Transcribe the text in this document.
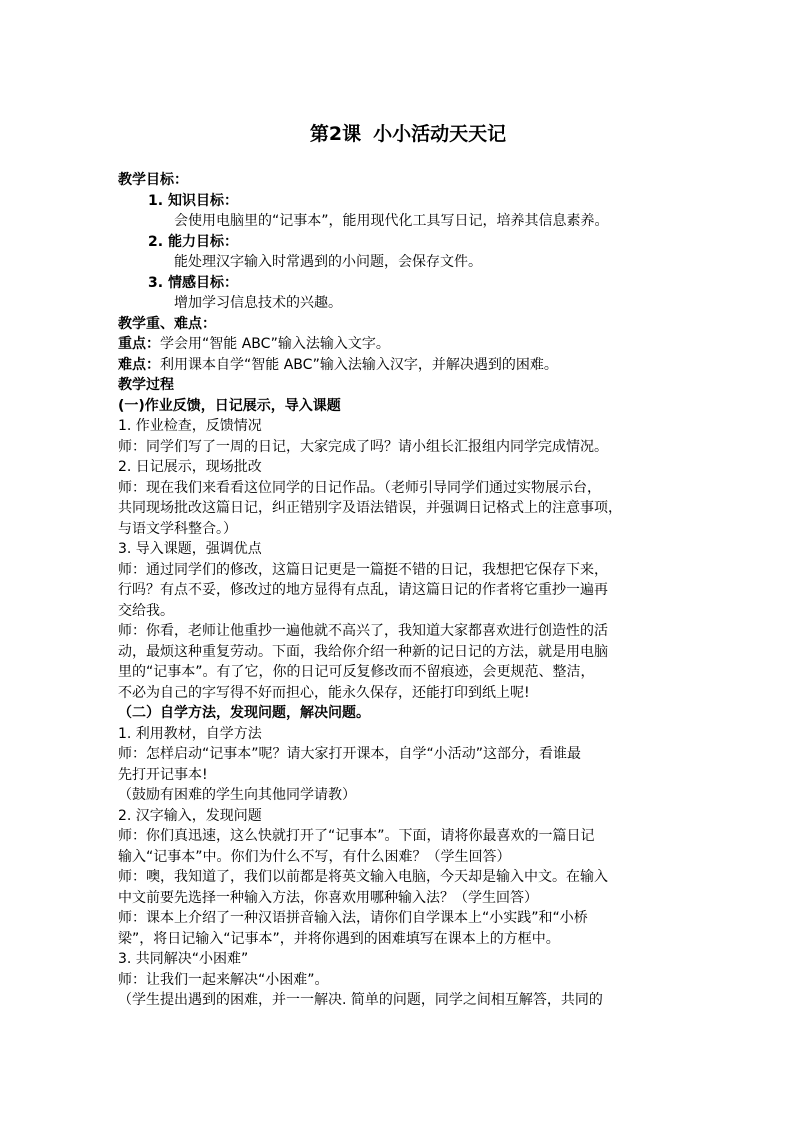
第2课 小小活动天天记
教学目标：
1. 知识目标：
会使用电脑里的“记事本”，能用现代化工具写日记，培养其信息素养。
2. 能力目标：
能处理汉字输入时常遇到的小问题，会保存文件。
3. 情感目标：
增加学习信息技术的兴趣。
教学重、难点：
重点：学会用“智能 ABC”输入法输入文字。
难点：利用课本自学“智能 ABC”输入法输入汉字，并解决遇到的困难。
教学过程
(一)作业反馈，日记展示，导入课题
1. 作业检查，反馈情况
师：同学们写了一周的日记，大家完成了吗？请小组长汇报组内同学完成情况。
2. 日记展示，现场批改
师：现在我们来看看这位同学的日记作品。（老师引导同学们通过实物展示台，
共同现场批改这篇日记，纠正错别字及语法错误，并强调日记格式上的注意事项，
与语文学科整合。）
3. 导入课题，强调优点
师：通过同学们的修改，这篇日记更是一篇挺不错的日记，我想把它保存下来，
行吗？有点不妥，修改过的地方显得有点乱，请这篇日记的作者将它重抄一遍再
交给我。
师：你看，老师让他重抄一遍他就不高兴了，我知道大家都喜欢进行创造性的活
动，最烦这种重复劳动。下面，我给你介绍一种新的记日记的方法，就是用电脑
里的“记事本”。有了它，你的日记可反复修改而不留痕迹，会更规范、整洁，
不必为自己的字写得不好而担心，能永久保存，还能打印到纸上呢!
（二）自学方法，发现问题，解决问题。
1. 利用教材，自学方法
师：怎样启动“记事本”呢？请大家打开课本，自学“小活动”这部分，看谁最
先打开记事本!
（鼓励有困难的学生向其他同学请教）
2. 汉字输入，发现问题
师：你们真迅速，这么快就打开了“记事本”。下面，请将你最喜欢的一篇日记
输入“记事本”中。你们为什么不写，有什么困难？（学生回答）
师：噢，我知道了，我们以前都是将英文输入电脑，今天却是输入中文。在输入
中文前要先选择一种输入方法，你喜欢用哪种输入法？（学生回答）
师：课本上介绍了一种汉语拼音输入法，请你们自学课本上“小实践”和“小桥
梁”，将日记输入“记事本”，并将你遇到的困难填写在课本上的方框中。
3. 共同解决“小困难”
师：让我们一起来解决“小困难”。
（学生提出遇到的困难，并一一解决. 简单的问题，同学之间相互解答，共同的
